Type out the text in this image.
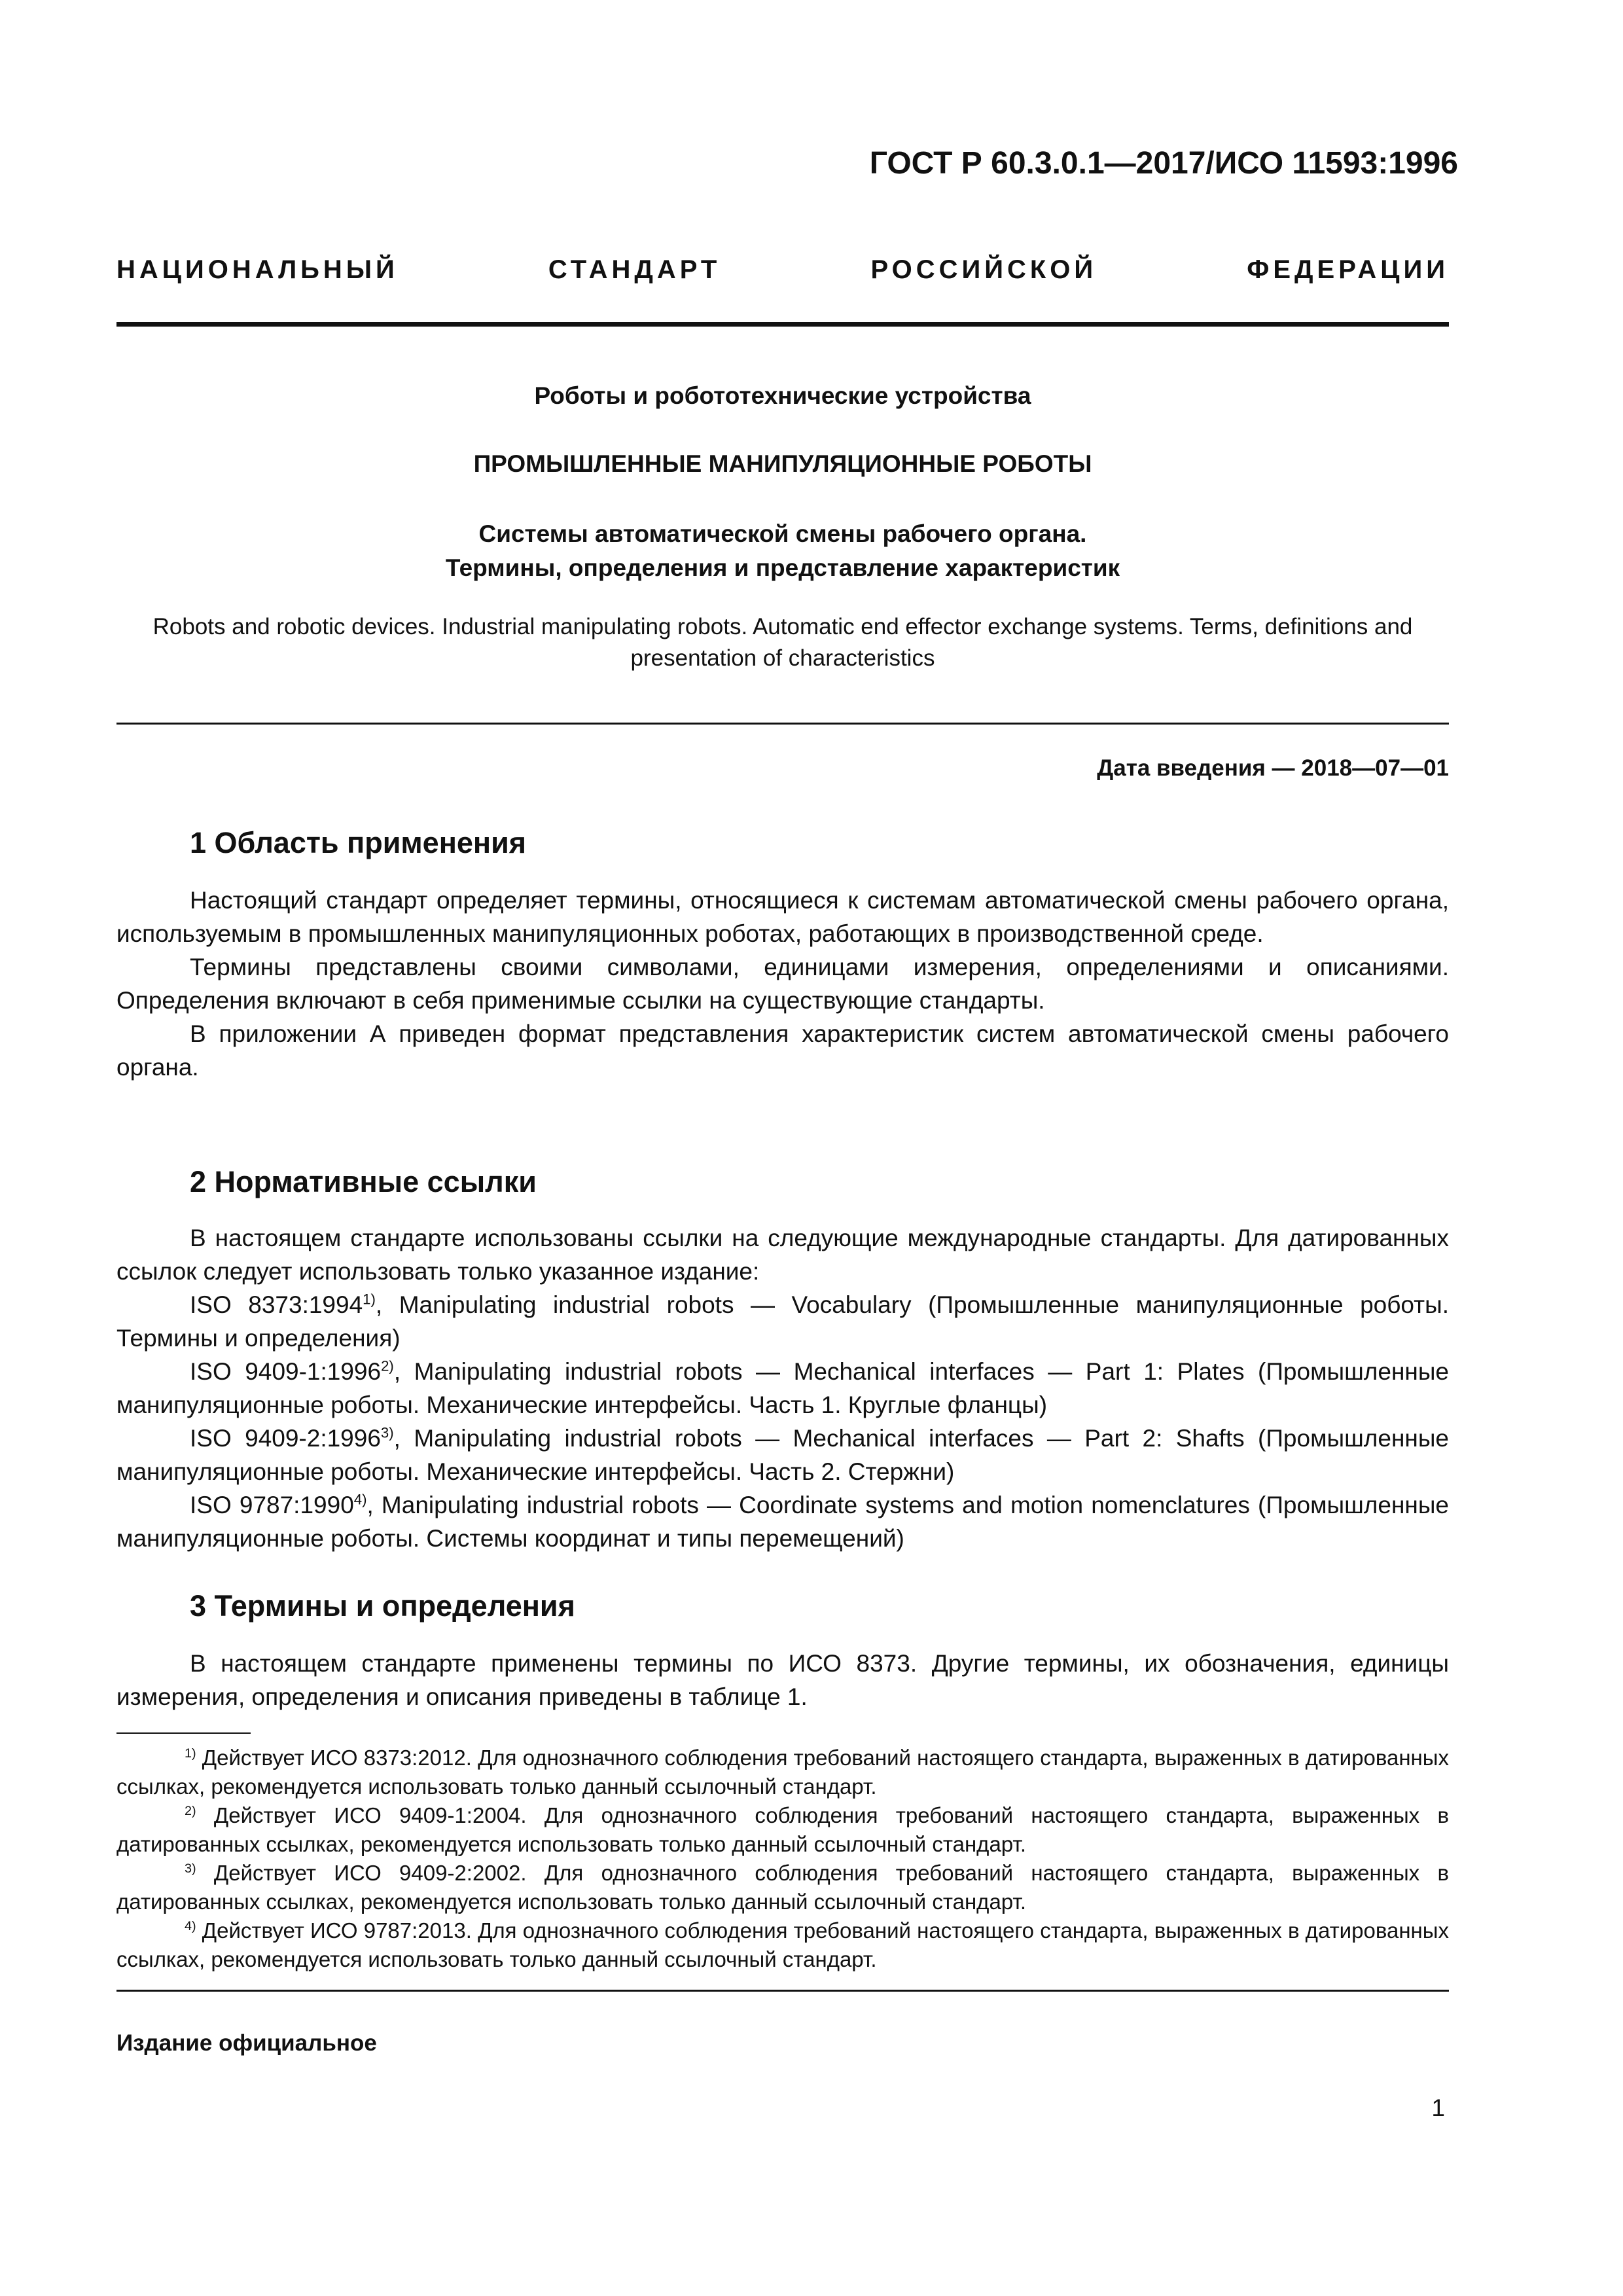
ГОСТ Р 60.3.0.1—2017/ИСО 11593:1996
НАЦИОНАЛЬНЫЙ СТАНДАРТ РОССИЙСКОЙ ФЕДЕРАЦИИ
Роботы и робототехнические устройства
ПРОМЫШЛЕННЫЕ МАНИПУЛЯЦИОННЫЕ РОБОТЫ
Системы автоматической смены рабочего органа.
Термины, определения и представление характеристик
Robots and robotic devices. Industrial manipulating robots. Automatic end effector exchange systems. Terms, definitions and presentation of characteristics
Дата введения — 2018—07—01
1 Область применения

Настоящий стандарт определяет термины, относящиеся к системам автоматической смены рабочего органа, используемым в промышленных манипуляционных роботах, работающих в производственной среде.

Термины представлены своими символами, единицами измерения, определениями и описаниями. Определения включают в себя применимые ссылки на существующие стандарты.

В приложении А приведен формат представления характеристик систем автоматической смены рабочего органа.

2 Нормативные ссылки

В настоящем стандарте использованы ссылки на следующие международные стандарты. Для датированных ссылок следует использовать только указанное издание:

ISO 8373:1994$^{1)}$, Manipulating industrial robots — Vocabulary (Промышленные манипуляционные роботы. Термины и определения)

ISO 9409-1:1996$^{2)}$, Manipulating industrial robots — Mechanical interfaces — Part 1: Plates (Промышленные манипуляционные роботы. Механические интерфейсы. Часть 1. Круглые фланцы)

ISO 9409-2:1996$^{3)}$, Manipulating industrial robots — Mechanical interfaces — Part 2: Shafts (Промышленные манипуляционные роботы. Механические интерфейсы. Часть 2. Стержни)

ISO 9787:1990$^{4)}$, Manipulating industrial robots — Coordinate systems and motion nomenclatures (Промышленные манипуляционные роботы. Системы координат и типы перемещений)

3 Термины и определения

В настоящем стандарте применены термины по ИСО 8373. Другие термины, их обозначения, единицы измерения, определения и описания приведены в таблице 1.

$^{1)}$ Действует ИСО 8373:2012. Для однозначного соблюдения требований настоящего стандарта, выраженных в датированных ссылках, рекомендуется использовать только данный ссылочный стандарт.

$^{2)}$ Действует ИСО 9409-1:2004. Для однозначного соблюдения требований настоящего стандарта, выраженных в датированных ссылках, рекомендуется использовать только данный ссылочный стандарт.

$^{3)}$ Действует ИСО 9409-2:2002. Для однозначного соблюдения требований настоящего стандарта, выраженных в датированных ссылках, рекомендуется использовать только данный ссылочный стандарт.

$^{4)}$ Действует ИСО 9787:2013. Для однозначного соблюдения требований настоящего стандарта, выраженных в датированных ссылках, рекомендуется использовать только данный ссылочный стандарт.

Издание официальное
1
